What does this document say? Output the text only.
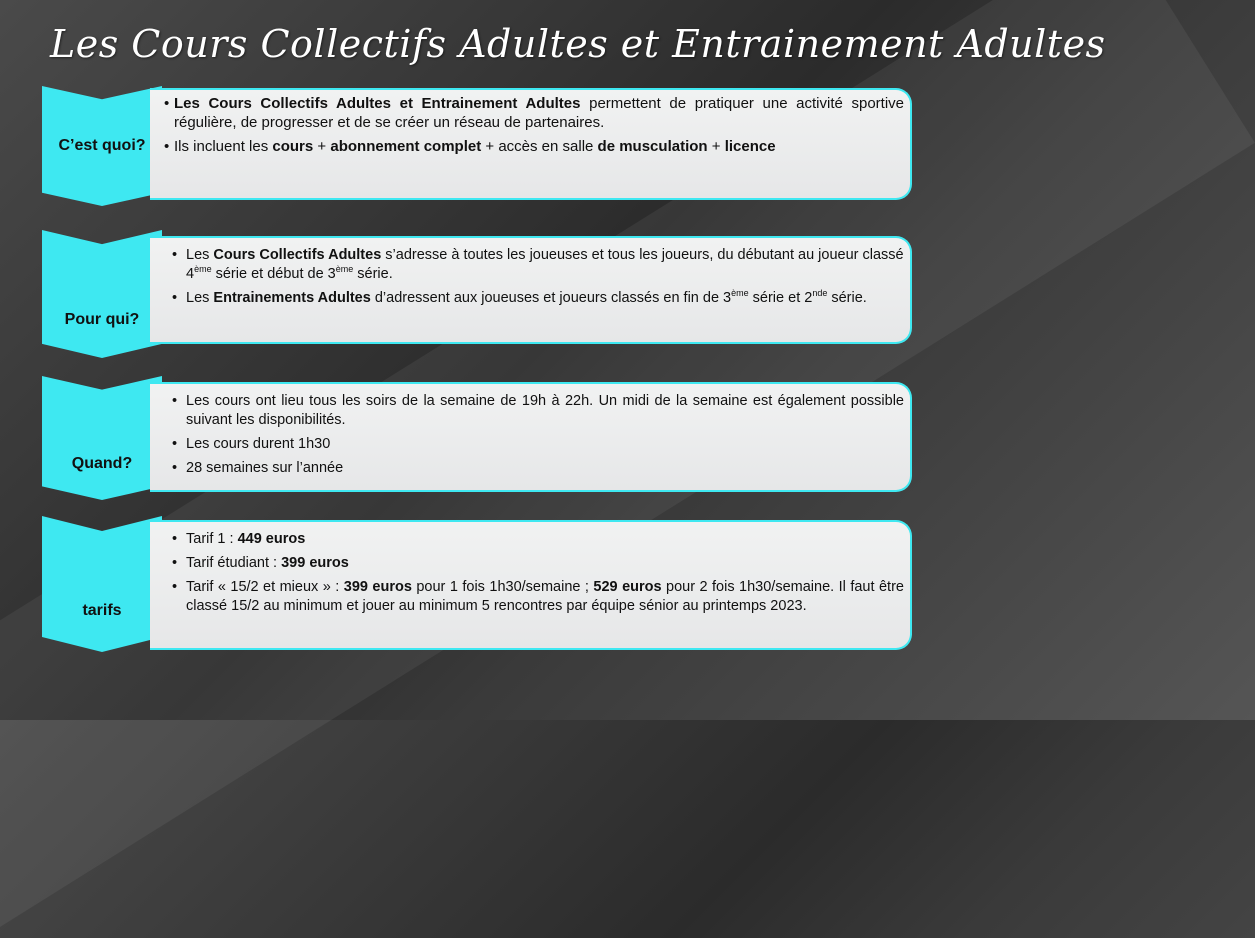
Les Cours Collectifs Adultes et Entrainement Adultes
C’est quoi?
• Les Cours Collectifs Adultes et Entrainement Adultes permettent de pratiquer une activité sportive régulière, de progresser et de se créer un réseau de partenaires.
• Ils incluent les cours + abonnement complet + accès en salle de musculation + licence
Pour qui?
• Les Cours Collectifs Adultes s’adresse à toutes les joueuses et tous les joueurs, du débutant au joueur classé 4ème série et début de 3ème série.
• Les Entrainements Adultes d’adressent aux joueuses et joueurs classés en fin de 3ème série et 2nde série.
Quand?
• Les cours ont lieu tous les soirs de la semaine de 19h à 22h. Un midi de la semaine est également possible suivant les disponibilités.
• Les cours durent 1h30
• 28 semaines sur l’année
tarifs
• Tarif 1 : 449 euros
• Tarif étudiant : 399 euros
• Tarif « 15/2 et mieux » : 399 euros pour 1 fois 1h30/semaine ; 529 euros pour 2 fois 1h30/semaine. Il faut être classé 15/2 au minimum et jouer au minimum 5 rencontres par équipe sénior au printemps 2023.
